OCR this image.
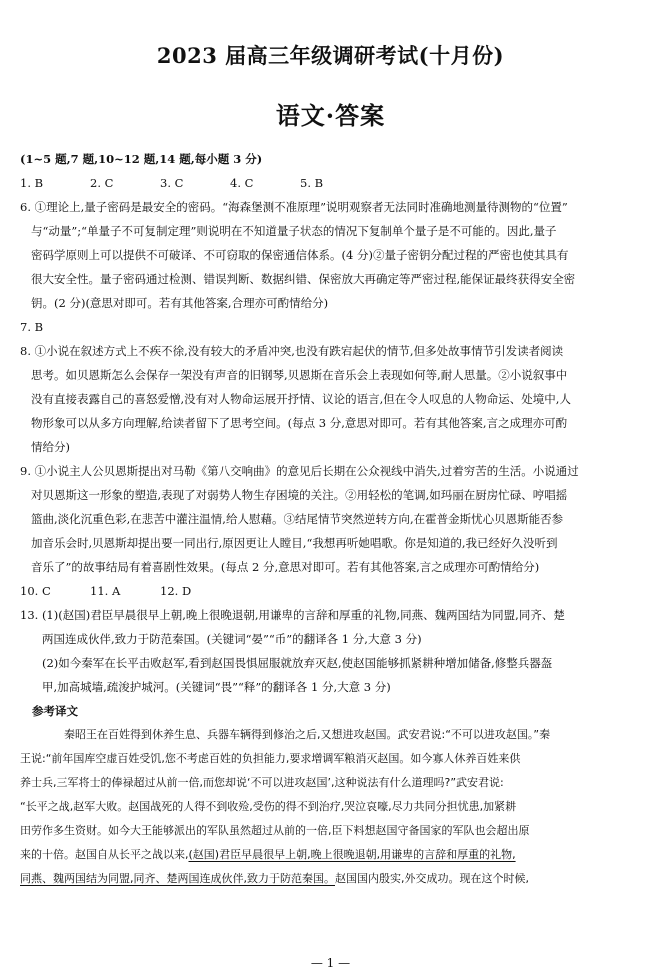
2023 届高三年级调研考试(十月份)
语文·答案
(1~5 题,7 题,10~12 题,14 题,每小题 3 分)
1. B	2. C	3. C	4. C	5. B
6. ①理论上,量子密码是最安全的密码。“海森堡测不准原理”说明观察者无法同时准确地测量待测物的“位置”
与“动量”;“单量子不可复制定理”则说明在不知道量子状态的情况下复制单个量子是不可能的。因此,量子
密码学原则上可以提供不可破译、不可窃取的保密通信体系。(4 分)②量子密钥分配过程的严密也使其具有
很大安全性。量子密码通过检测、错误判断、数据纠错、保密放大再确定等严密过程,能保证最终获得安全密
钥。(2 分)(意思对即可。若有其他答案,合理亦可酌情给分)
7. B
8. ①小说在叙述方式上不疾不徐,没有较大的矛盾冲突,也没有跌宕起伏的情节,但多处故事情节引发读者阅读
思考。如贝恩斯怎么会保存一架没有声音的旧钢琴,贝恩斯在音乐会上表现如何等,耐人思量。②小说叙事中
没有直接表露自己的喜怒爱憎,没有对人物命运展开抒情、议论的语言,但在令人叹息的人物命运、处境中,人
物形象可以从多方向理解,给读者留下了思考空间。(每点 3 分,意思对即可。若有其他答案,言之成理亦可酌
情给分)
9. ①小说主人公贝恩斯提出对马勒《第八交响曲》的意见后长期在公众视线中消失,过着穷苦的生活。小说通过
对贝恩斯这一形象的塑造,表现了对弱势人物生存困境的关注。②用轻松的笔调,如玛丽在厨房忙碌、哼唱摇
篮曲,淡化沉重色彩,在悲苦中灌注温情,给人慰藉。③结尾情节突然逆转方向,在霍普金斯忧心贝恩斯能否参
加音乐会时,贝恩斯却提出要一同出行,原因更让人瞠目,“我想再听她唱歌。你是知道的,我已经好久没听到
音乐了”的故事结局有着喜剧性效果。(每点 2 分,意思对即可。若有其他答案,言之成理亦可酌情给分)
10. C	11. A	12. D
13. (1)(赵国)君臣早晨很早上朝,晚上很晚退朝,用谦卑的言辞和厚重的礼物,同燕、魏两国结为同盟,同齐、楚
两国连成伙伴,致力于防范秦国。(关键词“晏”“币”的翻译各 1 分,大意 3 分)
(2)如今秦军在长平击败赵军,看到赵国畏惧屈服就放弃灭赵,使赵国能够抓紧耕种增加储备,修整兵器盔
甲,加高城墙,疏浚护城河。(关键词“畏”“释”的翻译各 1 分,大意 3 分)
参考译文
秦昭王在百姓得到休养生息、兵器车辆得到修治之后,又想进攻赵国。武安君说:“不可以进攻赵国。”秦
王说:“前年国库空虚百姓受饥,您不考虑百姓的负担能力,要求增调军粮消灭赵国。如今寡人休养百姓来供
养士兵,三军将士的俸禄超过从前一倍,而您却说‘不可以进攻赵国’,这种说法有什么道理吗?”武安君说:
“长平之战,赵军大败。赵国战死的人得不到收殓,受伤的得不到治疗,哭泣哀嚎,尽力共同分担忧患,加紧耕
田劳作多生资财。如今大王能够派出的军队虽然超过从前的一倍,臣下料想赵国守备国家的军队也会超出原
来的十倍。赵国自从长平之战以来,(赵国)君臣早晨很早上朝,晚上很晚退朝,用谦卑的言辞和厚重的礼物,
同燕、魏两国结为同盟,同齐、楚两国连成伙伴,致力于防范秦国。赵国国内殷实,外交成功。现在这个时候,
— 1 —
